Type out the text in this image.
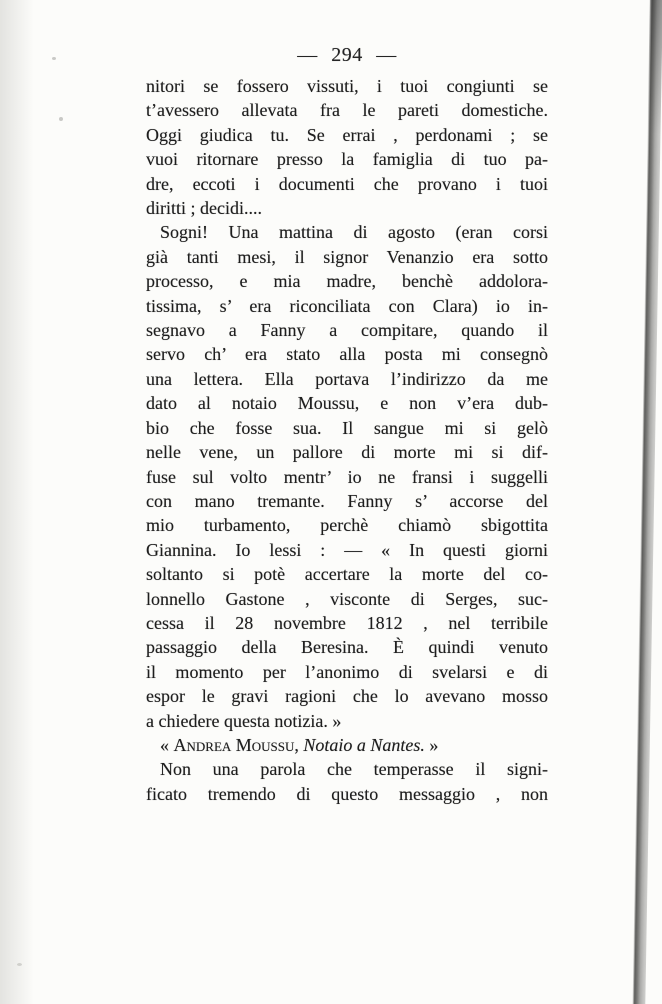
— 294 —
nitori se fossero vissuti, i tuoi congiunti se
t’avessero allevata fra le pareti domestiche.
Oggi giudica tu. Se errai , perdonami ; se
vuoi ritornare presso la famiglia di tuo pa-
dre, eccoti i documenti che provano i tuoi
diritti ; decidi....
Sogni! Una mattina di agosto (eran corsi
già tanti mesi, il signor Venanzio era sotto
processo, e mia madre, benchè addolora-
tissima, s’ era riconciliata con Clara) io in-
segnavo a Fanny a compitare, quando il
servo ch’ era stato alla posta mi consegnò
una lettera. Ella portava l’indirizzo da me
dato al notaio Moussu, e non v’era dub-
bio che fosse sua. Il sangue mi si gelò
nelle vene, un pallore di morte mi si dif-
fuse sul volto mentr’ io ne fransi i suggelli
con mano tremante. Fanny s’ accorse del
mio turbamento, perchè chiamò sbigottita
Giannina. Io lessi : — « In questi giorni
soltanto si potè accertare la morte del co-
lonnello Gastone , visconte di Serges, suc-
cessa il 28 novembre 1812 , nel terribile
passaggio della Beresina. È quindi venuto
il momento per l’anonimo di svelarsi e di
espor le gravi ragioni che lo avevano mosso
a chiedere questa notizia. »
« Andrea Moussu, Notaio a Nantes. »
Non una parola che temperasse il signi-
ficato tremendo di questo messaggio , non
